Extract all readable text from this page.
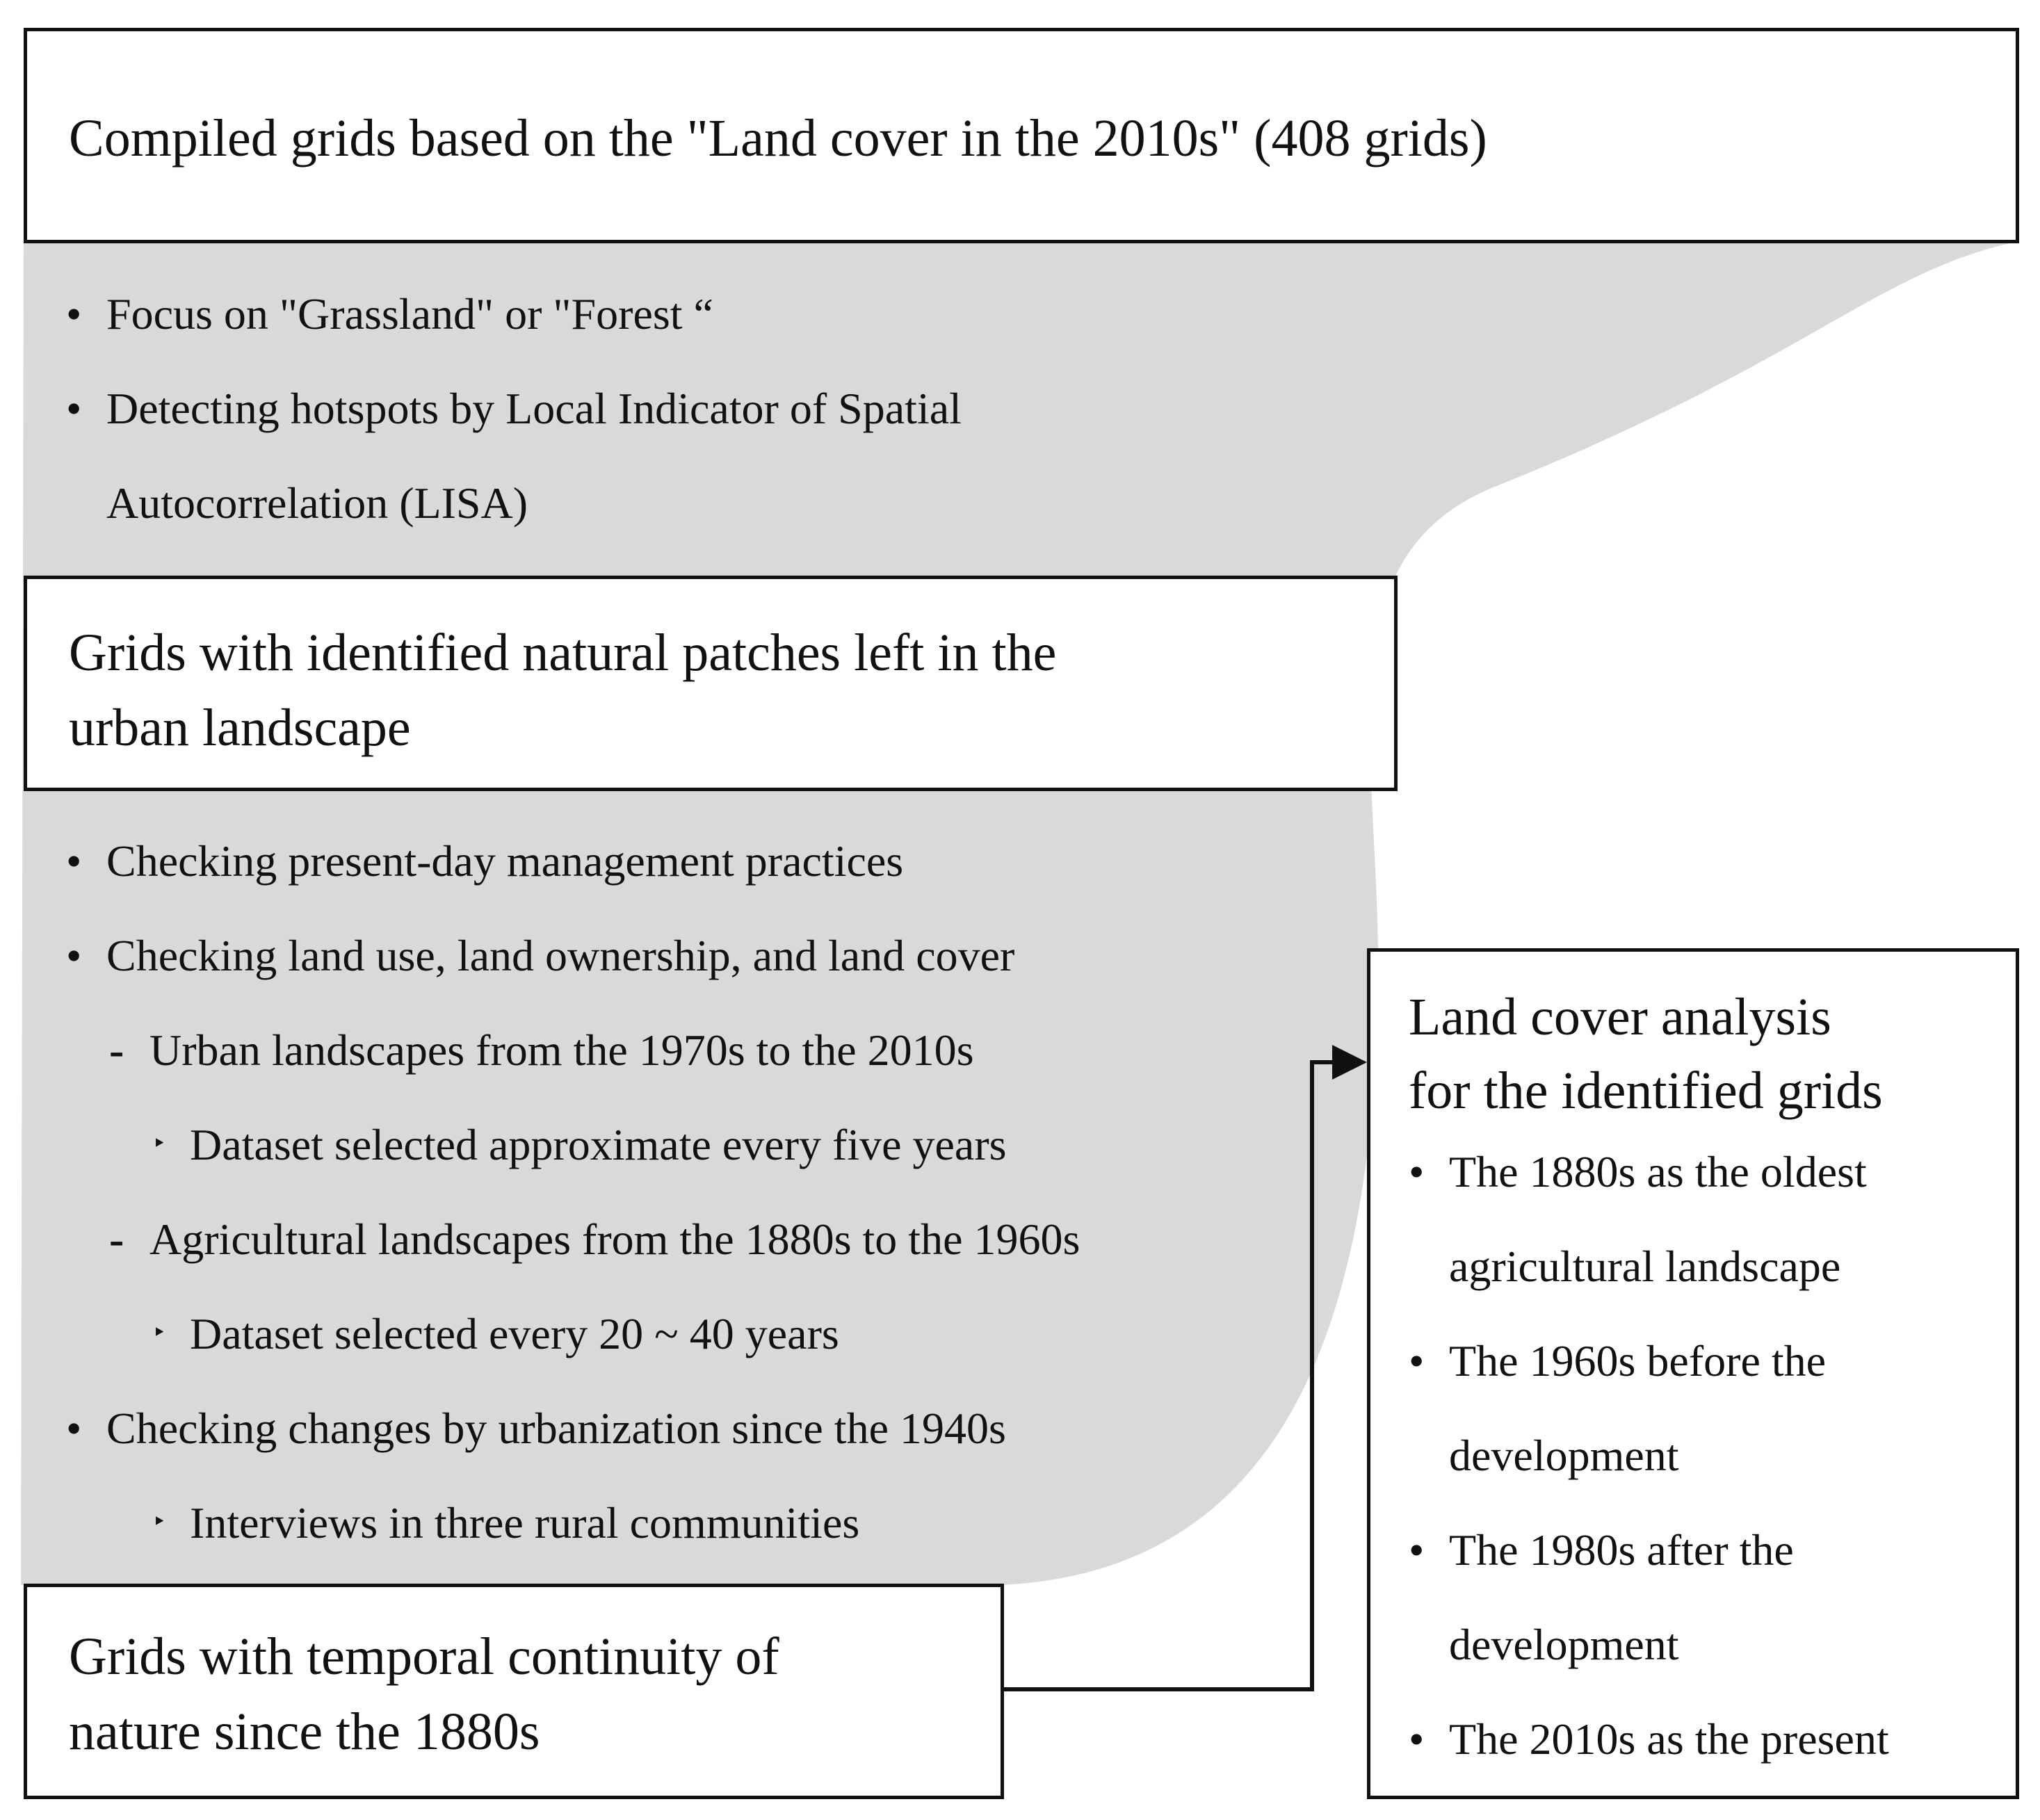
Compiled grids based on the "Land cover in the 2010s" (408 grids)

• Focus on "Grassland" or "Forest “
• Detecting hotspots by Local Indicator of Spatial
Autocorrelation (LISA)

Grids with identified natural patches left in the

urban landscape

• Checking present-day management practices
• Checking land use, land ownership, and land cover
- Urban landscapes from the 1970s to the 2010s
‣ Dataset selected approximate every five years
- Agricultural landscapes from the 1880s to the 1960s
‣ Dataset selected every 20 ~ 40 years
• Checking changes by urbanization since the 1940s
‣ Interviews in three rural communities

Grids with temporal continuity of

nature since the 1880s

Land cover analysis

for the identified grids

• The 1880s as the oldest
agricultural landscape
• The 1960s before the
development
• The 1980s after the
development
• The 2010s as the present
